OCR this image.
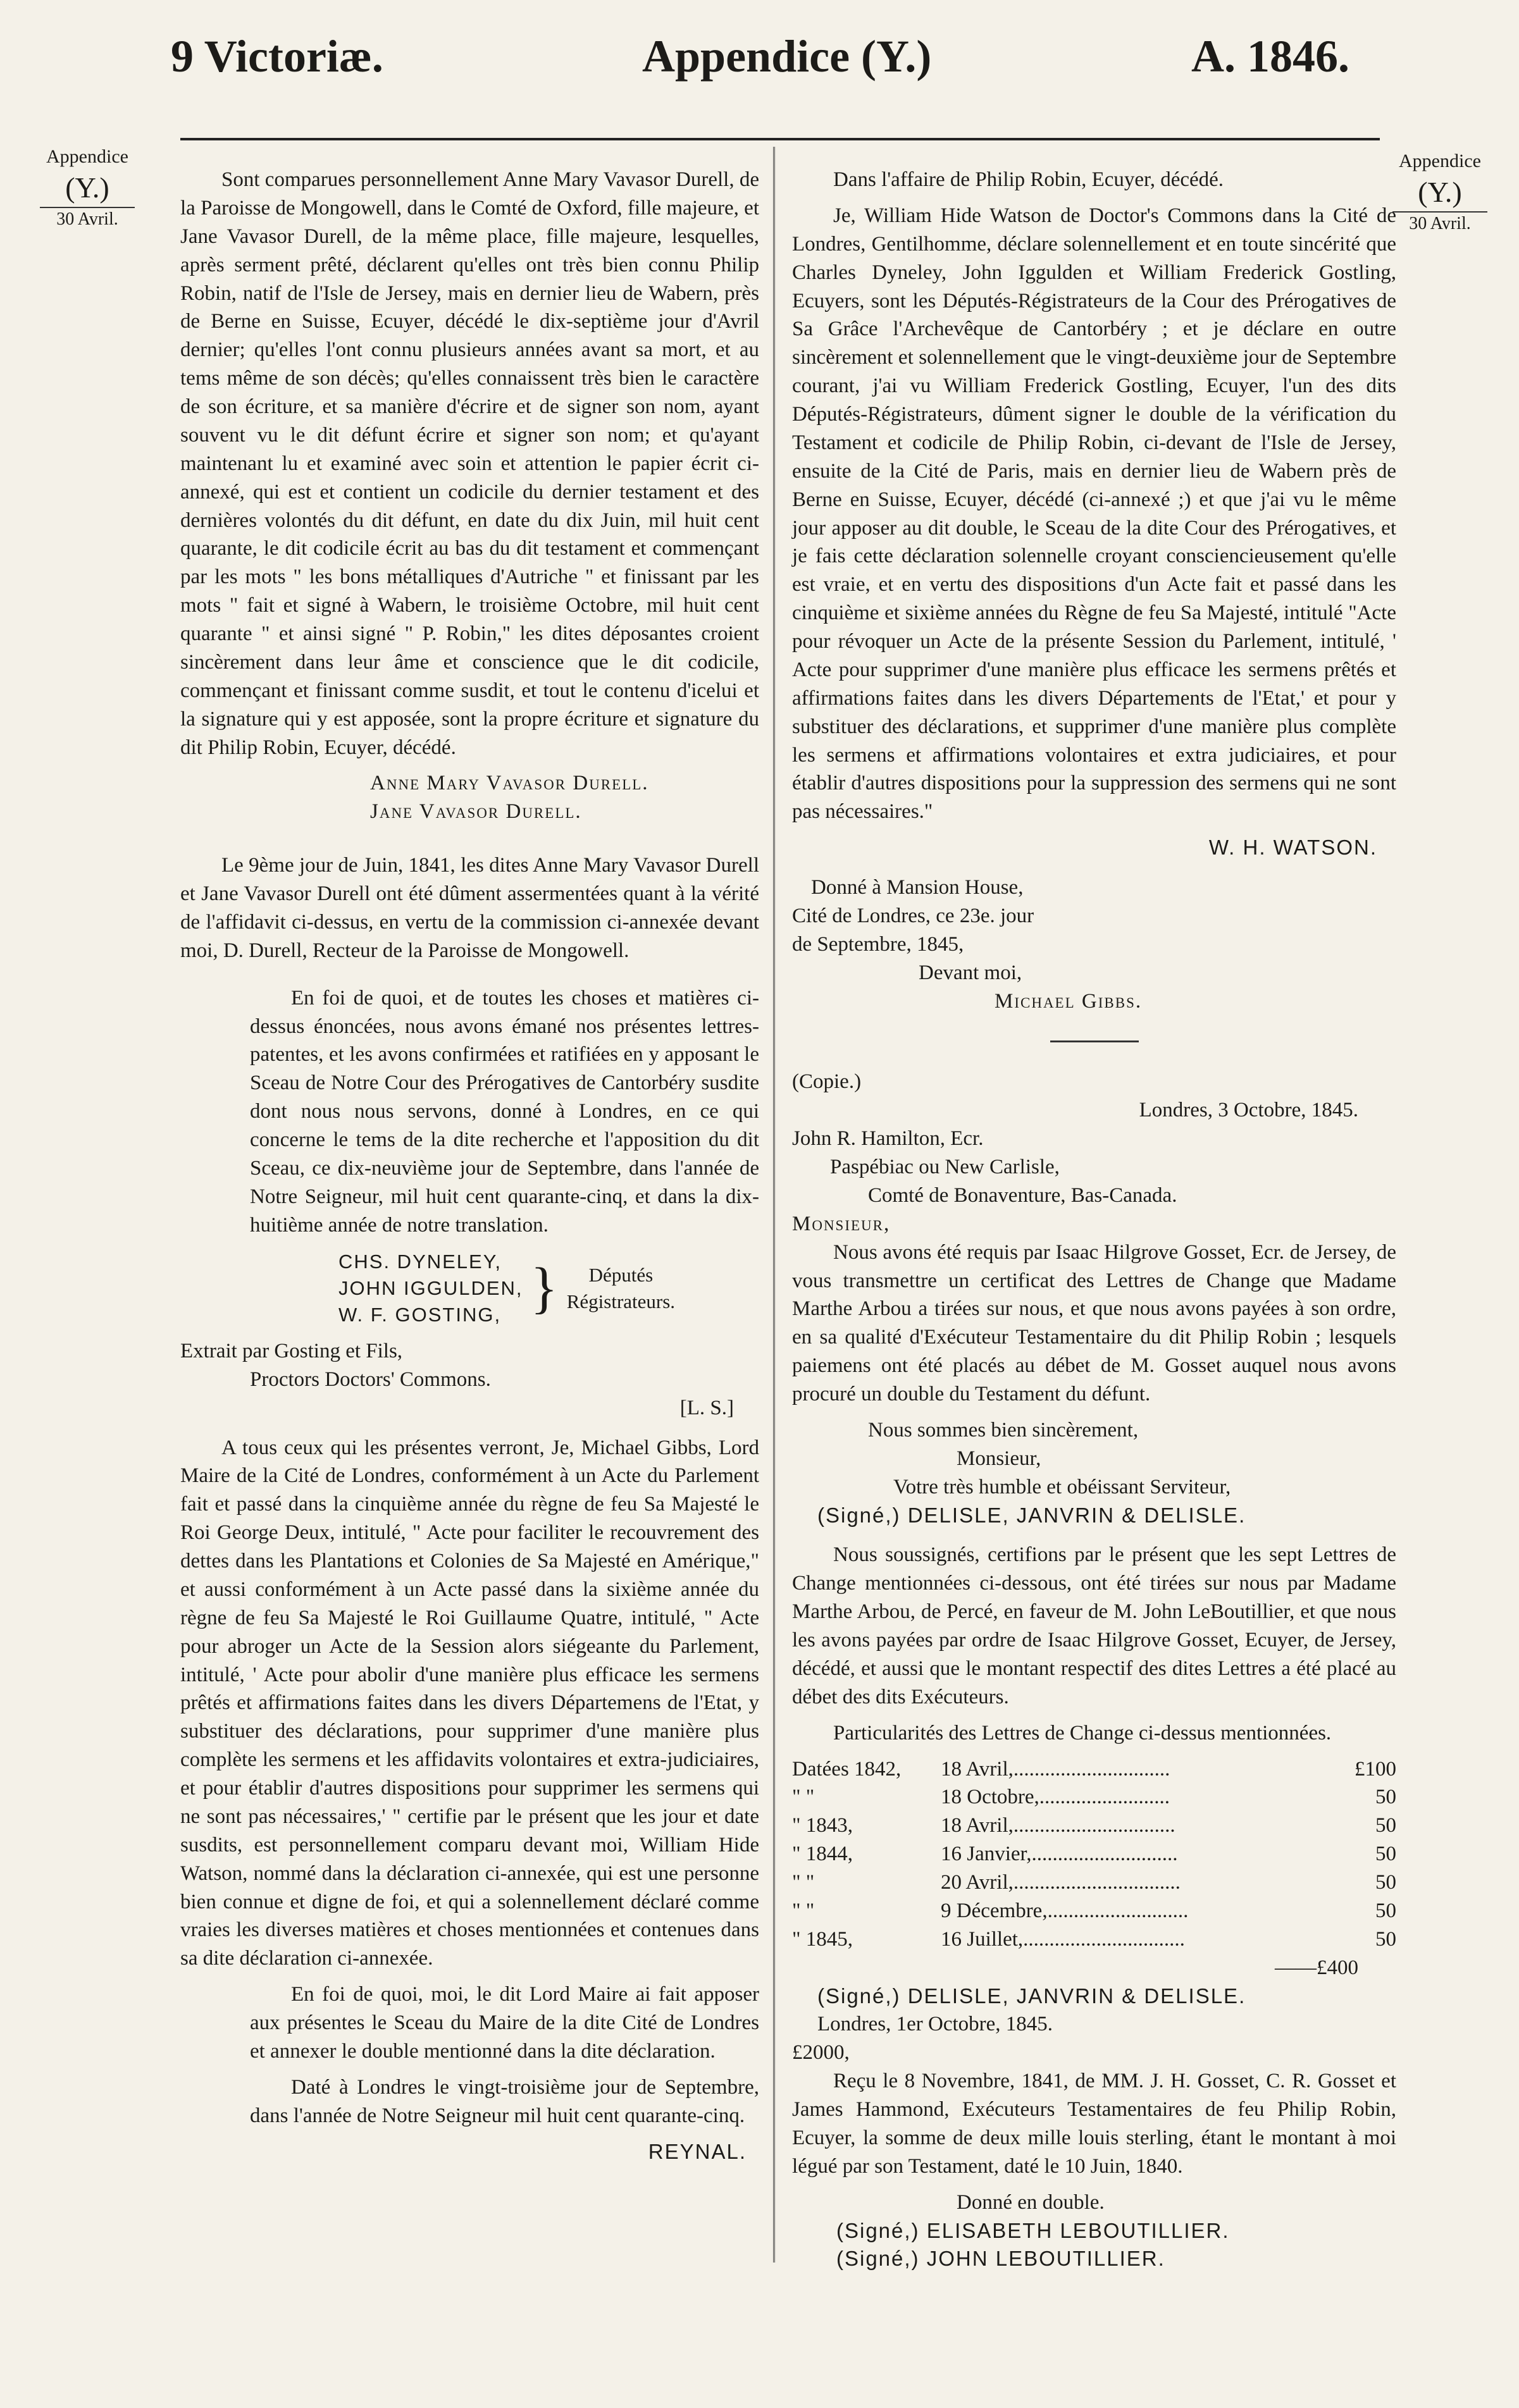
9 Victoriæ.	Appendice (Y.)	A. 1846.
Appendice
(Y.)
30 Avril.
Appendice
(Y.)
30 Avril.

Sont comparues personnellement Anne Mary Vavasor Durell, de la Paroisse de Mongowell, dans le Comté de Oxford, fille majeure, et Jane Vavasor Durell, de la même place, fille majeure, lesquelles, après serment prêté, déclarent qu'elles ont très bien connu Philip Robin, natif de l'Isle de Jersey, mais en dernier lieu de Wabern, près de Berne en Suisse, Ecuyer, décédé le dix-septième jour d'Avril dernier; qu'elles l'ont connu plusieurs années avant sa mort, et au tems même de son décès; qu'elles connaissent très bien le caractère de son écriture, et sa manière d'écrire et de signer son nom, ayant souvent vu le dit défunt écrire et signer son nom; et qu'ayant maintenant lu et examiné avec soin et attention le papier écrit ci-annexé, qui est et contient un codicile du dernier testament et des dernières volontés du dit défunt, en date du dix Juin, mil huit cent quarante, le dit codicile écrit au bas du dit testament et commençant par les mots " les bons métalliques d'Autriche " et finissant par les mots " fait et signé à Wabern, le troisième Octobre, mil huit cent quarante " et ainsi signé " P. Robin," les dites déposantes croient sincèrement dans leur âme et conscience que le dit codicile, commençant et finissant comme susdit, et tout le contenu d'icelui et la signature qui y est apposée, sont la propre écriture et signature du dit Philip Robin, Ecuyer, décédé.

Anne Mary Vavasor Durell.
Jane Vavasor Durell.

Le 9ème jour de Juin, 1841, les dites Anne Mary Vavasor Durell et Jane Vavasor Durell ont été dûment assermentées quant à la vérité de l'affidavit ci-dessus, en vertu de la commission ci-annexée devant moi, D. Durell, Recteur de la Paroisse de Mongowell.

En foi de quoi, et de toutes les choses et matières ci-dessus énoncées, nous avons émané nos présentes lettres-patentes, et les avons confirmées et ratifiées en y apposant le Sceau de Notre Cour des Prérogatives de Cantorbéry susdite dont nous nous servons, donné à Londres, en ce qui concerne le tems de la dite recherche et l'apposition du dit Sceau, ce dix-neuvième jour de Septembre, dans l'année de Notre Seigneur, mil huit cent quarante-cinq, et dans la dix-huitième année de notre translation.

CHS. DYNELEY,
JOHN IGGULDEN,
W. F. GOSTING, }	Députés
Régistrateurs.
Extrait par Gosting et Fils,
Proctors Doctors' Commons.
[L. S.]

A tous ceux qui les présentes verront, Je, Michael Gibbs, Lord Maire de la Cité de Londres, conformément à un Acte du Parlement fait et passé dans la cinquième année du règne de feu Sa Majesté le Roi George Deux, intitulé, " Acte pour faciliter le recouvrement des dettes dans les Plantations et Colonies de Sa Majesté en Amérique," et aussi conformément à un Acte passé dans la sixième année du règne de feu Sa Majesté le Roi Guillaume Quatre, intitulé, " Acte pour abroger un Acte de la Session alors siégeante du Parlement, intitulé, ' Acte pour abolir d'une manière plus efficace les sermens prêtés et affirmations faites dans les divers Départemens de l'Etat, y substituer des déclarations, pour supprimer d'une manière plus complète les sermens et les affidavits volontaires et extra-judiciaires, et pour établir d'autres dispositions pour supprimer les sermens qui ne sont pas nécessaires,' " certifie par le présent que les jour et date susdits, est personnellement comparu devant moi, William Hide Watson, nommé dans la déclaration ci-annexée, qui est une personne bien connue et digne de foi, et qui a solennellement déclaré comme vraies les diverses matières et choses mentionnées et contenues dans sa dite déclaration ci-annexée.

En foi de quoi, moi, le dit Lord Maire ai fait apposer aux présentes le Sceau du Maire de la dite Cité de Londres et annexer le double mentionné dans la dite déclaration.

Daté à Londres le vingt-troisième jour de Septembre, dans l'année de Notre Seigneur mil huit cent quarante-cinq.

REYNAL.

Dans l'affaire de Philip Robin, Ecuyer, décédé.

Je, William Hide Watson de Doctor's Commons dans la Cité de Londres, Gentilhomme, déclare solennellement et en toute sincérité que Charles Dyneley, John Iggulden et William Frederick Gostling, Ecuyers, sont les Députés-Régistrateurs de la Cour des Prérogatives de Sa Grâce l'Archevêque de Cantorbéry ; et je déclare en outre sincèrement et solennellement que le vingt-deuxième jour de Septembre courant, j'ai vu William Frederick Gostling, Ecuyer, l'un des dits Députés-Régistrateurs, dûment signer le double de la vérification du Testament et codicile de Philip Robin, ci-devant de l'Isle de Jersey, ensuite de la Cité de Paris, mais en dernier lieu de Wabern près de Berne en Suisse, Ecuyer, décédé (ci-annexé ;) et que j'ai vu le même jour apposer au dit double, le Sceau de la dite Cour des Prérogatives, et je fais cette déclaration solennelle croyant consciencieusement qu'elle est vraie, et en vertu des dispositions d'un Acte fait et passé dans les cinquième et sixième années du Règne de feu Sa Majesté, intitulé "Acte pour révoquer un Acte de la présente Session du Parlement, intitulé, ' Acte pour supprimer d'une manière plus efficace les sermens prêtés et affirmations faites dans les divers Départements de l'Etat,' et pour y substituer des déclarations, et supprimer d'une manière plus complète les sermens et affirmations volontaires et extra judiciaires, et pour établir d'autres dispositions pour la suppression des sermens qui ne sont pas nécessaires."

W. H. WATSON.
Donné à Mansion House,
Cité de Londres, ce 23e. jour
de Septembre, 1845,
Devant moi,
Michael Gibbs.
(Copie.)
Londres, 3 Octobre, 1845.
John R. Hamilton, Ecr.
Paspébiac ou New Carlisle,
Comté de Bonaventure, Bas-Canada.
Monsieur,

Nous avons été requis par Isaac Hilgrove Gosset, Ecr. de Jersey, de vous transmettre un certificat des Lettres de Change que Madame Marthe Arbou a tirées sur nous, et que nous avons payées à son ordre, en sa qualité d'Exécuteur Testamentaire du dit Philip Robin ; lesquels paiemens ont été placés au débet de M. Gosset auquel nous avons procuré un double du Testament du défunt.

Nous sommes bien sincèrement,
Monsieur,
Votre très humble et obéissant Serviteur,
(Signé,) DELISLE, JANVRIN & DELISLE.

Nous soussignés, certifions par le présent que les sept Lettres de Change mentionnées ci-dessous, ont été tirées sur nous par Madame Marthe Arbou, de Percé, en faveur de M. John LeBoutillier, et que nous les avons payées par ordre de Isaac Hilgrove Gosset, Ecuyer, de Jersey, décédé, et aussi que le montant respectif des dites Lettres a été placé au débet des dits Exécuteurs.

Particularités des Lettres de Change ci-dessus mentionnées.

Datées 1842,	18 Avril,..............................	£100
" "	18 Octobre,.........................	50
" 1843,	18 Avril,...............................	50
" 1844,	16 Janvier,............................	50
" "	20 Avril,................................	50
" "	9 Décembre,...........................	50
" 1845,	16 Juillet,...............................	50
——£400
(Signé,) DELISLE, JANVRIN & DELISLE.
Londres, 1er Octobre, 1845.
£2000,

Reçu le 8 Novembre, 1841, de MM. J. H. Gosset, C. R. Gosset et James Hammond, Exécuteurs Testamentaires de feu Philip Robin, Ecuyer, la somme de deux mille louis sterling, étant le montant à moi légué par son Testament, daté le 10 Juin, 1840.

Donné en double.
(Signé,) ELISABETH LEBOUTILLIER.
(Signé,) JOHN LEBOUTILLIER.
